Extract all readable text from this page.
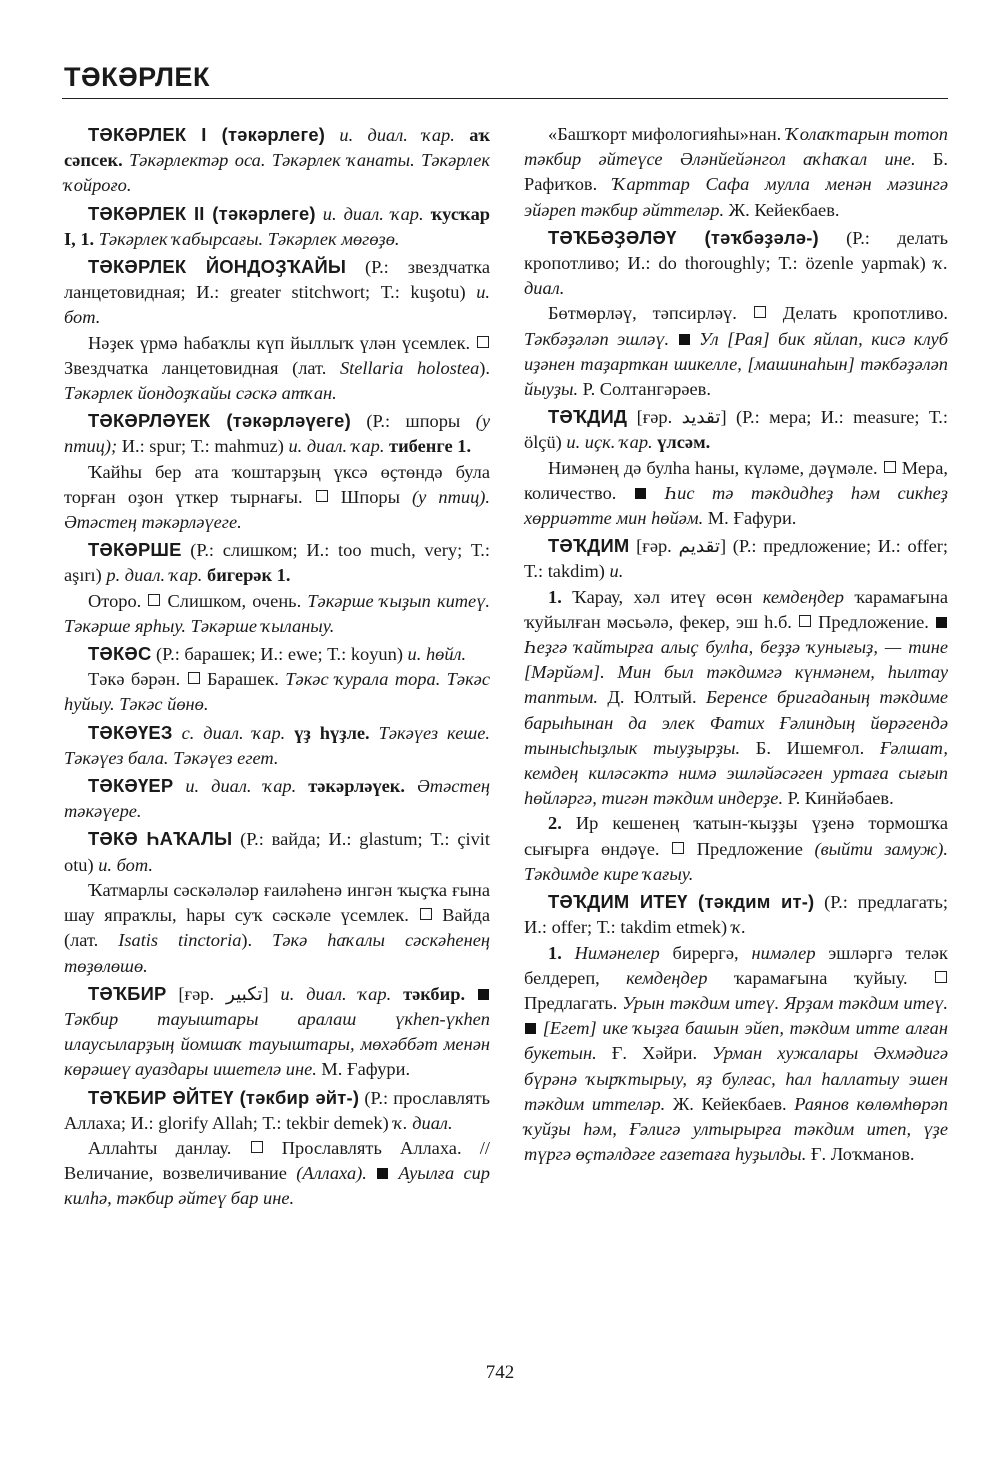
ТӘКӘРЛЕК

ТӘКӘРЛЕК I (тәкәрлеге) и. диал. ҡар. аҡ сәпсек. Тәкәрлектәр оса. Тәкәрлек ҡанаты. Тәкәрлек ҡойроғо.

ТӘКӘРЛЕК II (тәкәрлеге) и. диал. ҡар. ҡусҡар I, 1. Тәкәрлек ҡабырсағы. Тәкәрлек мөгөҙө.

ТӘКӘРЛЕК ЙОНДОҘҠАЙЫ (Р.: звездчатка ланцетовидная; И.: greater stitchwort; Т.: kuşotu) и. бот.

Нәҙек үрмә һабаҡлы күп йыллыҡ үлән үсемлек.  Звездчатка ланцетовидная (лат. Stellaria holostea). Тәкәрлек йондоҙҡайы сәскә атҡан.

ТӘКӘРЛӘҮЕК (тәкәрләүеге) (Р.: шпоры (у птиц); И.: spur; Т.: mahmuz) и. диал. ҡар. тибенге 1.

Ҡайһы бер ата ҡоштарҙың үксә өҫтөндә була торған оҙон үткер тырнағы.  Шпоры (у птиц). Әтәстең тәкәрләүеге.

ТӘКӘРШЕ (Р.: слишком; И.: too much, very; Т.: aşırı) р. диал. ҡар. бигерәк 1.

Оторо.  Слишком, очень. Тәкәрше ҡыҙып китеү. Тәкәрше ярһыу. Тәкәрше ҡыланыу.

ТӘКӘС (Р.: барашек; И.: ewe; Т.: koyun) и. һөйл.

Тәкә бәрән.  Барашек. Тәкәс ҡурала тора. Тәкәс һуйыу. Тәкәс йөнө.

ТӘКӘҮЕЗ с. диал. ҡар. үҙ һүҙле. Тәкәүез кеше. Тәкәүез бала. Тәкәүез егет.

ТӘКӘҮЕР и. диал. ҡар. тәкәрләүек. Әтәстең тәкәүере.

ТӘКӘ ҺАҠАЛЫ (Р.: вайда; И.: glastum; Т.: çivit otu) и. бот.

Ҡатмарлы сәскәләләр ғаиләһенә ингән ҡыҫҡа ғына шау япраҡлы, һары суҡ сәскәле үсемлек.  Вайда (лат. Isatis tinctoria). Тәкә һаҡалы сәскәһенең төҙөлөшө.

ТӘҠБИР [ғәр. تكبير] и. диал. ҡар. тәкбир.  Тәкбир тауыштары аралаш үкһеп-үкһеп илаусыларҙың йомшаҡ тауыштары, мөхәббәт менән көрәшеү ауаздары ишетелә ине. М. Ғафури.

ТӘҠБИР ӘЙТЕҮ (тәкбир әйт-) (Р.: прославлять Аллаха; И.: glorify Allah; Т.: tekbir demek) ҡ. диал.

Аллаһты данлау.  Прославлять Аллаха. // Величание, возвеличивание (Аллаха). Ауылға сир килһә, тәкбир әйтеү бар ине.

«Башҡорт мифологияһы»нан. Ҡолаҡтарын тотоп тәкбир әйтеүсе Әләнйейәнгол аҡһаҡал ине. Б. Рафиҡов. Ҡарттар Сафа мулла менән мәзингә эйәреп тәкбир әйттеләр. Ж. Кейекбаев.

ТӘҠБӘҘӘЛӘҮ (тәҡбәҙәлә-) (Р.: делать кропотливо; И.: do thoroughly; Т.: özenle yapmak) ҡ. диал.

Бөтмөрләү, тәпсирләү.  Делать кропотливо. Тәкбәҙәләп эшләү. Ул [Рая] бик яйлап, кисә клуб иҙәнен таҙарткан шикелле, [машинаһын] тәкбәҙәләп йыуҙы. Р. Солтангәрәев.

ТӘҠДИД [ғәр. تقديد] (Р.: мера; И.: measure; Т.: ölçü) и. иҫк. ҡар. үлсәм.

Нимәнең дә булһа һаны, күләме, дәүмәле.  Мера, количество.  Һис тә тәкдидһеҙ һәм сикһеҙ хөрриәтте мин һөйәм. М. Ғафури.

ТӘҠДИМ [ғәр. تقديم] (Р.: предложение; И.: offer; Т.: takdim) и.

1. Ҡарау, хәл итеү өсөн кемдеңдер ҡарамағына ҡуйылған мәсьәлә, фекер, эш һ.б.  Предложение.  Һеҙгә ҡайтырға алыҫ булһа, беҙҙә ҡунығыҙ, — тине [Мәрйәм]. Мин был тәкдимгә күнмәнем, һылтау таптым. Д. Юлтый. Беренсе бригаданың тәкдиме барыһынан да элек Фатих Ғәлиндың йөрәгендә тынысһыҙлык тыуҙырҙы. Б. Ишемғол. Ғәлшат, кемдең киләсәктә нимә эшләйәсәген уртаға сығып һөйләргә, тигән тәкдим индерҙе. Р. Кинйәбаев.

2. Ир кешенең ҡатын-ҡыҙҙы үҙенә тормошҡа сығырға өндәүе.  Предложение (выйти замуж). Тәкдимде кире ҡағыу.

ТӘҠДИМ ИТЕҮ (тәкдим ит-) (Р.: предлагать; И.: offer; Т.: takdim etmek) ҡ.

1. Нимәнелер бирергә, нимәлер эшләргә теләк белдереп, кемдеңдер ҡарамағына ҡуйыу.  Предлагать. Урын тәкдим итеү. Ярҙам тәкдим итеү.  [Егет] ике ҡыҙға башын эйеп, тәкдим итте алған букетын. Ғ. Хәйри. Урман хужалары Әхмәдигә бүрәнә ҡырҡтырыу, яҙ булғас, һал һаллатыу эшен тәкдим иттеләр. Ж. Кейекбаев. Раянов көлөмһөрәп ҡуйҙы һәм, Ғәлигә ултырырға тәкдим итеп, үҙе түргә өҫтәлдәге газетаға һуҙылды. Ғ. Лоҡманов.

742
